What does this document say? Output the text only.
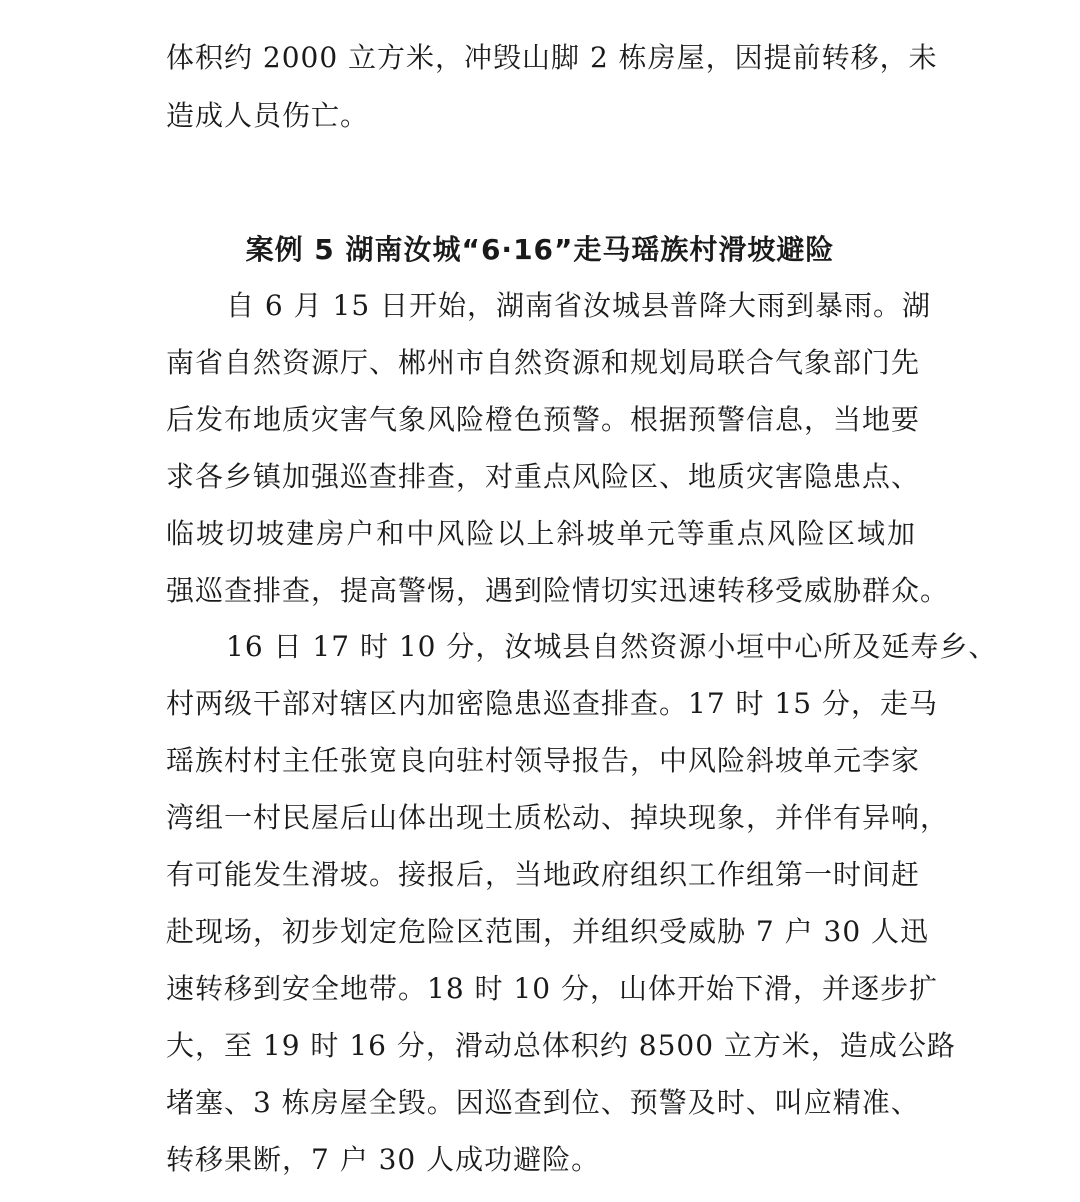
体积约 2000 立方米，冲毁山脚 2 栋房屋，因提前转移，未
造成人员伤亡。
案例 5 湖南汝城“6·16”走马瑶族村滑坡避险
自 6 月 15 日开始，湖南省汝城县普降大雨到暴雨。湖
南省自然资源厅、郴州市自然资源和规划局联合气象部门先
后发布地质灾害气象风险橙色预警。根据预警信息，当地要
求各乡镇加强巡查排查，对重点风险区、地质灾害隐患点、
临坡切坡建房户和中风险以上斜坡单元等重点风险区域加
强巡查排查，提高警惕，遇到险情切实迅速转移受威胁群众。
16 日 17 时 10 分，汝城县自然资源小垣中心所及延寿乡、
村两级干部对辖区内加密隐患巡查排查。17 时 15 分，走马
瑶族村村主任张宽良向驻村领导报告，中风险斜坡单元李家
湾组一村民屋后山体出现土质松动、掉块现象，并伴有异响，
有可能发生滑坡。接报后，当地政府组织工作组第一时间赶
赴现场，初步划定危险区范围，并组织受威胁 7 户 30 人迅
速转移到安全地带。18 时 10 分，山体开始下滑，并逐步扩
大，至 19 时 16 分，滑动总体积约 8500 立方米，造成公路
堵塞、3 栋房屋全毁。因巡查到位、预警及时、叫应精准、
转移果断，7 户 30 人成功避险。
